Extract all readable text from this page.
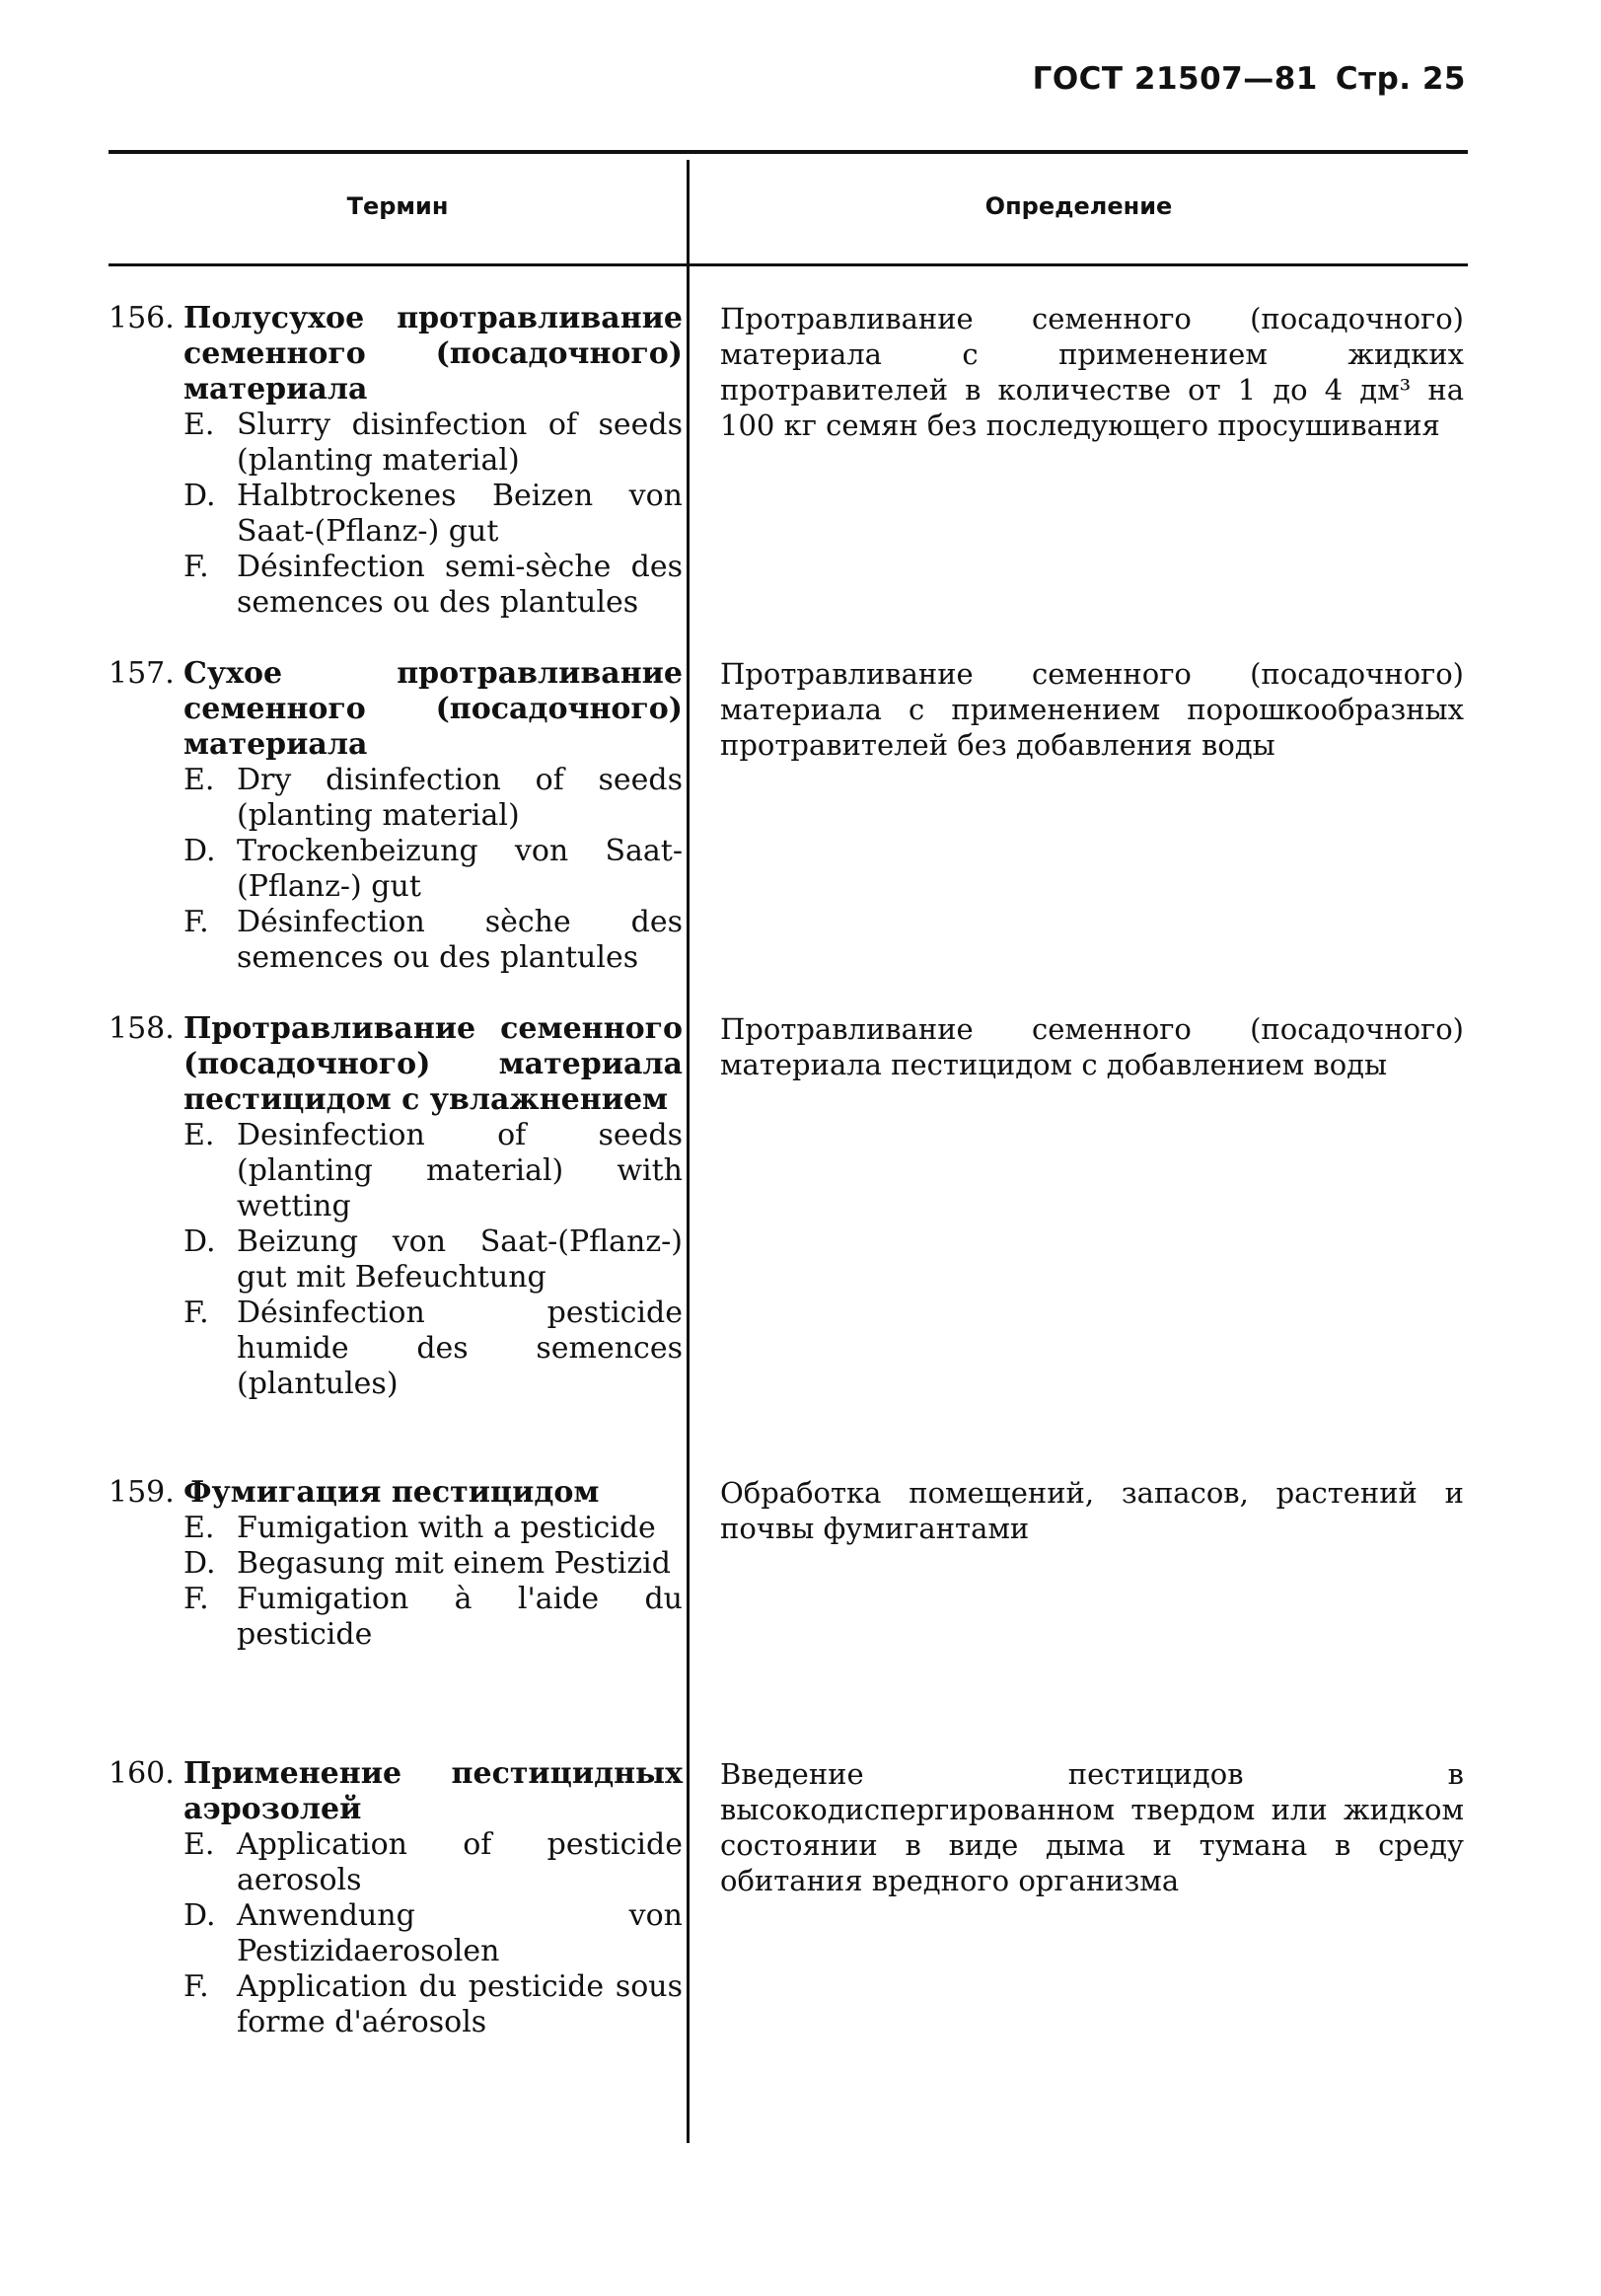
ГОСТ 21507—81 Стр. 25
Термин	Определение
156. Полусухое протравливание семенного (посадочного) материала
E. Slurry disinfection of seeds (planting material)
D. Halbtrockenes Beizen von Saat-(Pflanz-) gut
F. Désinfection semi-sèche des semences ou des plantules
Протравливание семенного (посадочного) материала с применением жидких протравителей в количестве от 1 до 4 дм³ на 100 кг семян без последующего просушивания
157. Сухое протравливание семенного (посадочного) материала
E. Dry disinfection of seeds (planting material)
D. Trockenbeizung von Saat-(Pflanz-) gut
F. Désinfection sèche des semences ou des plantules
Протравливание семенного (посадочного) материала с применением порошкообразных протравителей без добавления воды
158. Протравливание семенного (посадочного) материала пестицидом с увлажнением
E. Desinfection of seeds (planting material) with wetting
D. Beizung von Saat-(Pflanz-) gut mit Befeuchtung
F. Désinfection pesticide humide des semences (plantules)
Протравливание семенного (посадочного) материала пестицидом с добавлением воды
159. Фумигация пестицидом
E. Fumigation with a pesticide
D. Begasung mit einem Pestizid
F. Fumigation à l'aide du pesticide
Обработка помещений, запасов, растений и почвы фумигантами
160. Применение пестицидных аэрозолей
E. Application of pesticide aerosols
D. Anwendung von Pestizidaerosolen
F. Application du pesticide sous forme d'aérosols
Введение пестицидов в высокодиспергированном твердом или жидком состоянии в виде дыма и тумана в среду обитания вредного организма
